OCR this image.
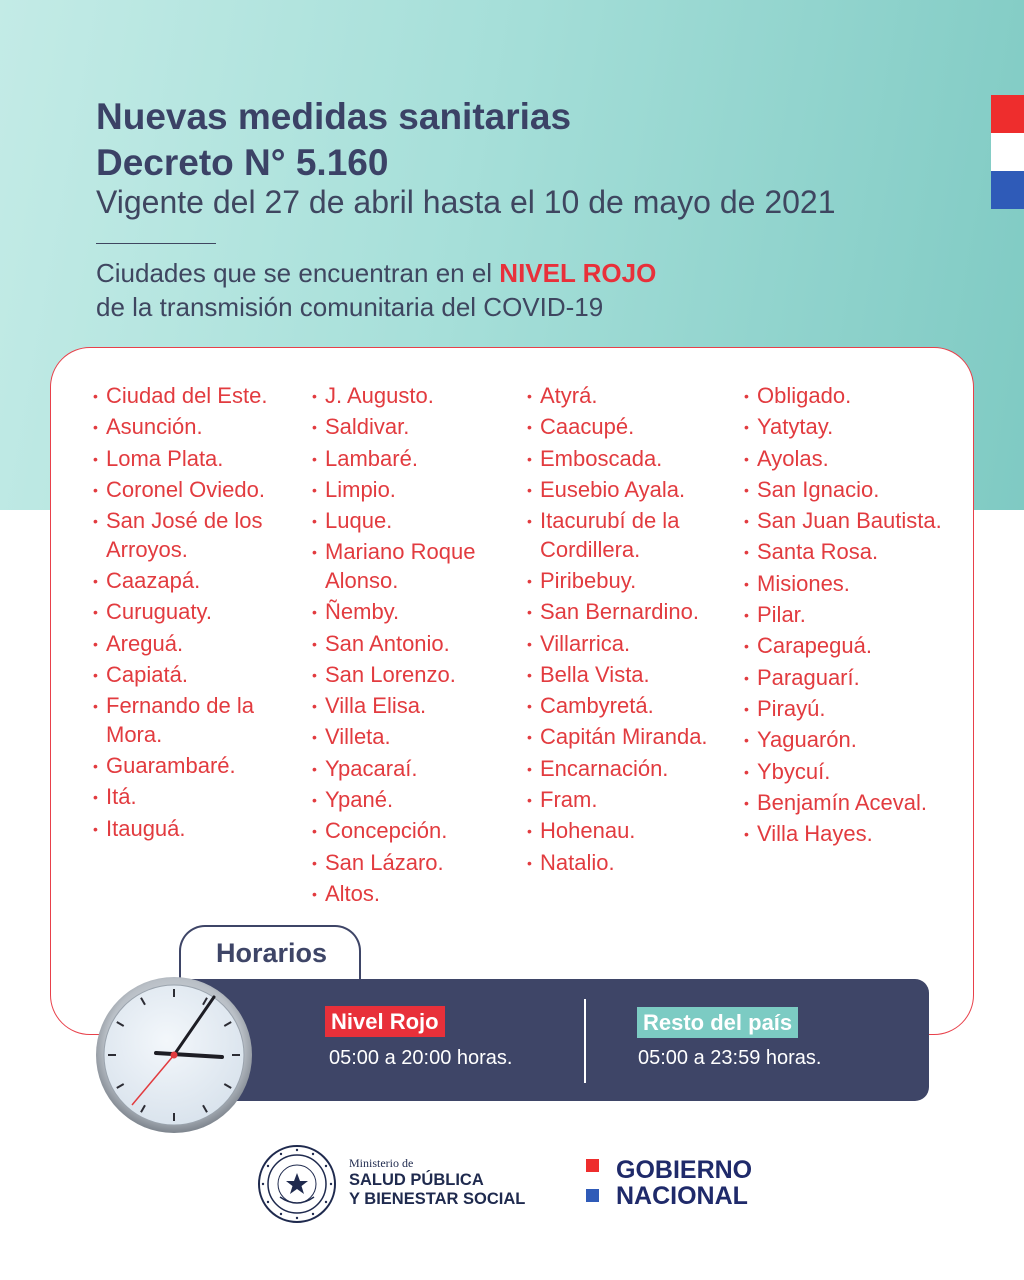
Nuevas medidas sanitarias
Decreto N° 5.160
Vigente del 27 de abril hasta el 10 de mayo de 2021
Ciudades que se encuentran en el NIVEL ROJO
de la transmisión comunitaria del COVID-19
• Ciudad del Este.
• Asunción.
• Loma Plata.
• Coronel Oviedo.
• San José de los Arroyos.
• Caazapá.
• Curuguaty.
• Areguá.
• Capiatá.
• Fernando de la Mora.
• Guarambaré.
• Itá.
• Itauguá.
• J. Augusto.
• Saldivar.
• Lambaré.
• Limpio.
• Luque.
• Mariano Roque Alonso.
• Ñemby.
• San Antonio.
• San Lorenzo.
• Villa Elisa.
• Villeta.
• Ypacaraí.
• Ypané.
• Concepción.
• San Lázaro.
• Altos.
• Atyrá.
• Caacupé.
• Emboscada.
• Eusebio Ayala.
• Itacurubí de la Cordillera.
• Piribebuy.
• San Bernardino.
• Villarrica.
• Bella Vista.
• Cambyretá.
• Capitán Miranda.
• Encarnación.
• Fram.
• Hohenau.
• Natalio.
• Obligado.
• Yatytay.
• Ayolas.
• San Ignacio.
• San Juan Bautista.
• Santa Rosa.
• Misiones.
• Pilar.
• Carapeguá.
• Paraguarí.
• Pirayú.
• Yaguarón.
• Ybycuí.
• Benjamín Aceval.
• Villa Hayes.
Horarios
Nivel Rojo
05:00 a 20:00 horas.
Resto del país
05:00 a 23:59 horas.
Ministerio de
SALUD PÚBLICA
Y BIENESTAR SOCIAL
GOBIERNO
NACIONAL
